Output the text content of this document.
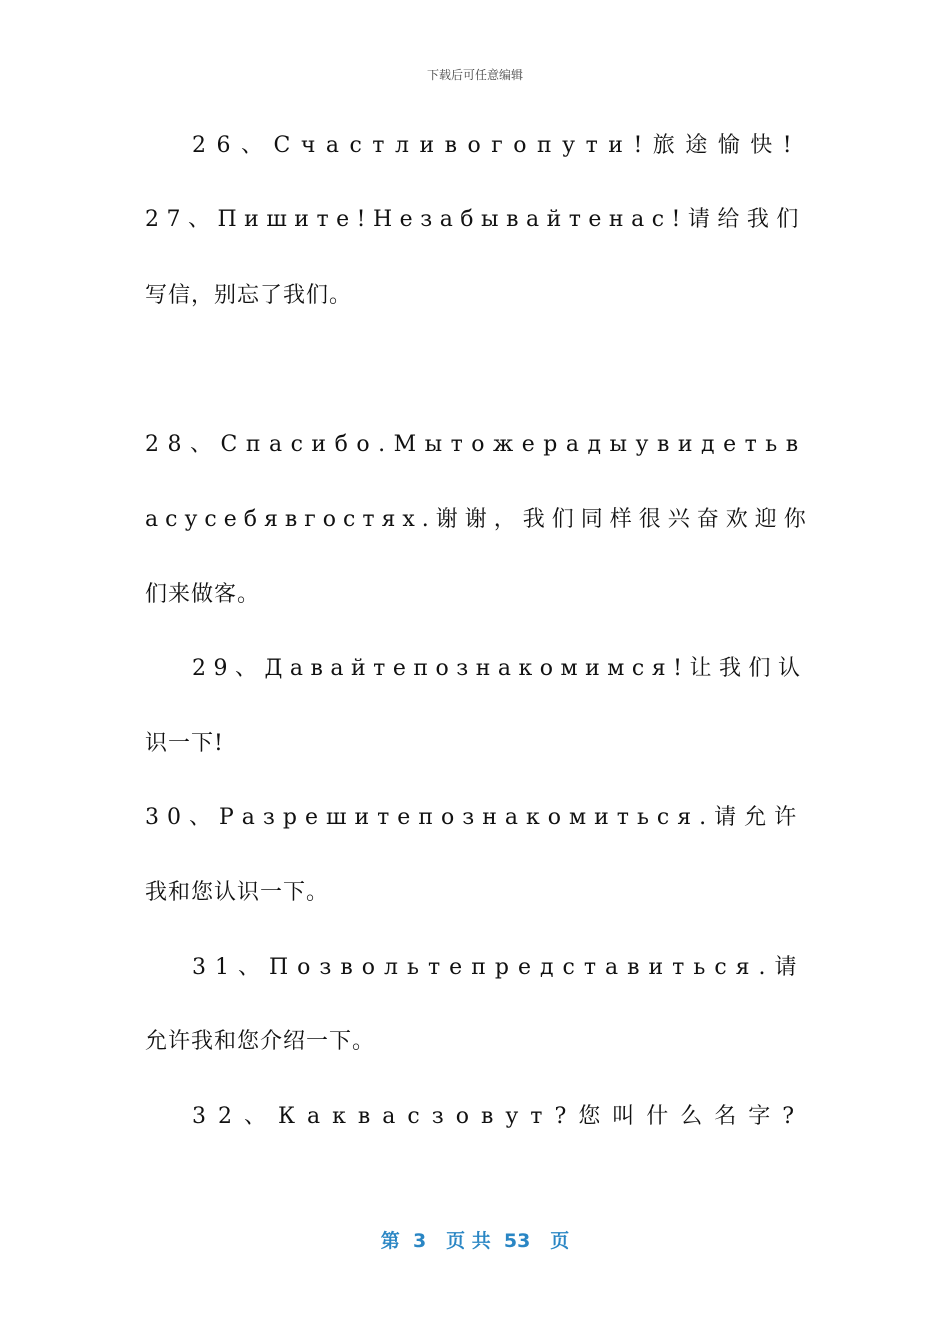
下载后可任意编辑
26、Счастливогопути!旅途愉快!
27、Пишите!Незабывайтенас!请给我们
写信，别忘了我们。
28、Спасибо.Мытожерадыувидетьв
асусебявгостях.谢谢，我们同样很兴奋欢迎你
们来做客。
29、Давайтепознакомимся!让我们认
识一下!
30、Разрешитепознакомиться.请允许
我和您认识一下。
31、Позвольтепредставиться.请
允许我和您介绍一下。
32、Каквасзовут?您叫什么名字?
第  3   页 共  53   页
